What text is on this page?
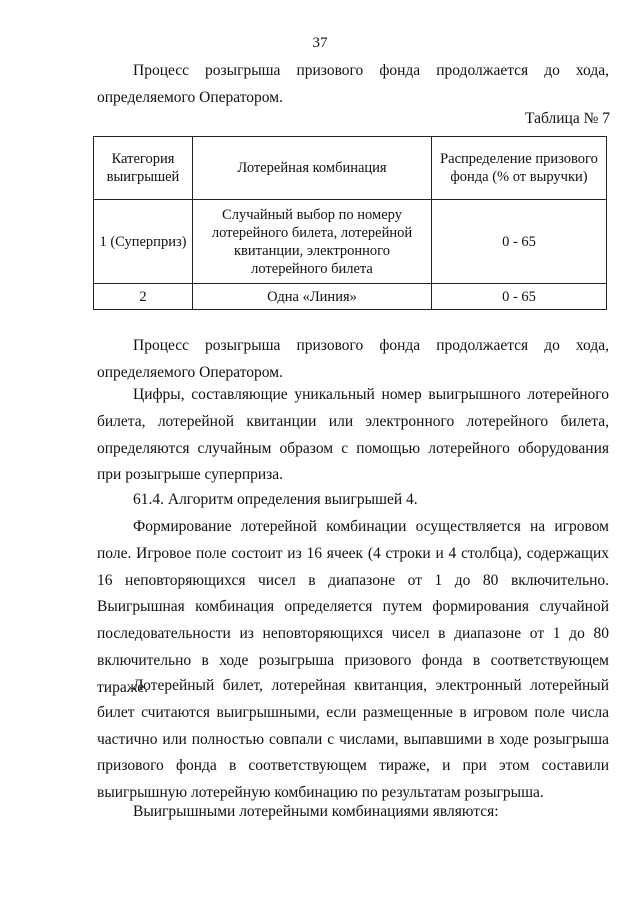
37

Процесс розыгрыша призового фонда продолжается до хода, определяемого Оператором.

Таблица № 7
Категория выигрышей	Лотерейная комбинация	Распределение призового фонда (% от выручки)
1 (Суперприз)	Случайный выбор по номеру лотерейного билета, лотерейной квитанции, электронного лотерейного билета	0 - 65
2	Одна «Линия»	0 - 65

Процесс розыгрыша призового фонда продолжается до хода, определяемого Оператором.

Цифры, составляющие уникальный номер выигрышного лотерейного билета, лотерейной квитанции или электронного лотерейного билета, определяются случайным образом с помощью лотерейного оборудования при розыгрыше суперприза.

61.4. Алгоритм определения выигрышей 4.

Формирование лотерейной комбинации осуществляется на игровом поле. Игровое поле состоит из 16 ячеек (4 строки и 4 столбца), содержащих 16 неповторяющихся чисел в диапазоне от 1 до 80 включительно. Выигрышная комбинация определяется путем формирования случайной последовательности из неповторяющихся чисел в диапазоне от 1 до 80 включительно в ходе розыгрыша призового фонда в соответствующем тираже.

Лотерейный билет, лотерейная квитанция, электронный лотерейный билет считаются выигрышными, если размещенные в игровом поле числа частично или полностью совпали с числами, выпавшими в ходе розыгрыша призового фонда в соответствующем тираже, и при этом составили выигрышную лотерейную комбинацию по результатам розыгрыша.

Выигрышными лотерейными комбинациями являются:
